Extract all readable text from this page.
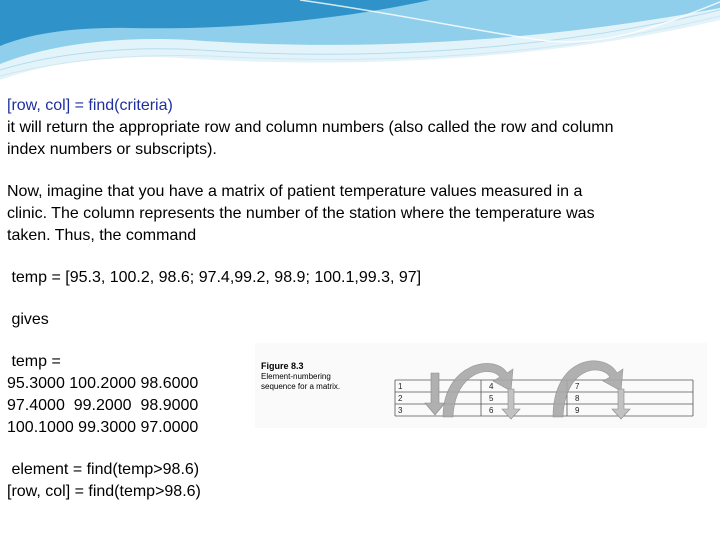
[row, col] = find(criteria)
it will return the appropriate row and column numbers (also called the row and column
index numbers or subscripts).
Now, imagine that you have a matrix of patient temperature values measured in a
clinic. The column represents the number of the station where the temperature was
taken. Thus, the command
temp = [95.3, 100.2, 98.6; 97.4,99.2, 98.9; 100.1,99.3, 97]
gives
temp =
95.3000 100.2000 98.6000
97.4000  99.2000  98.9000
100.1000 99.3000 97.0000
element = find(temp>98.6)
[row, col] = find(temp>98.6)
1
2
3
4
5
6
7
8
9
Figure 8.3
Element-numbering
sequence for a matrix.
